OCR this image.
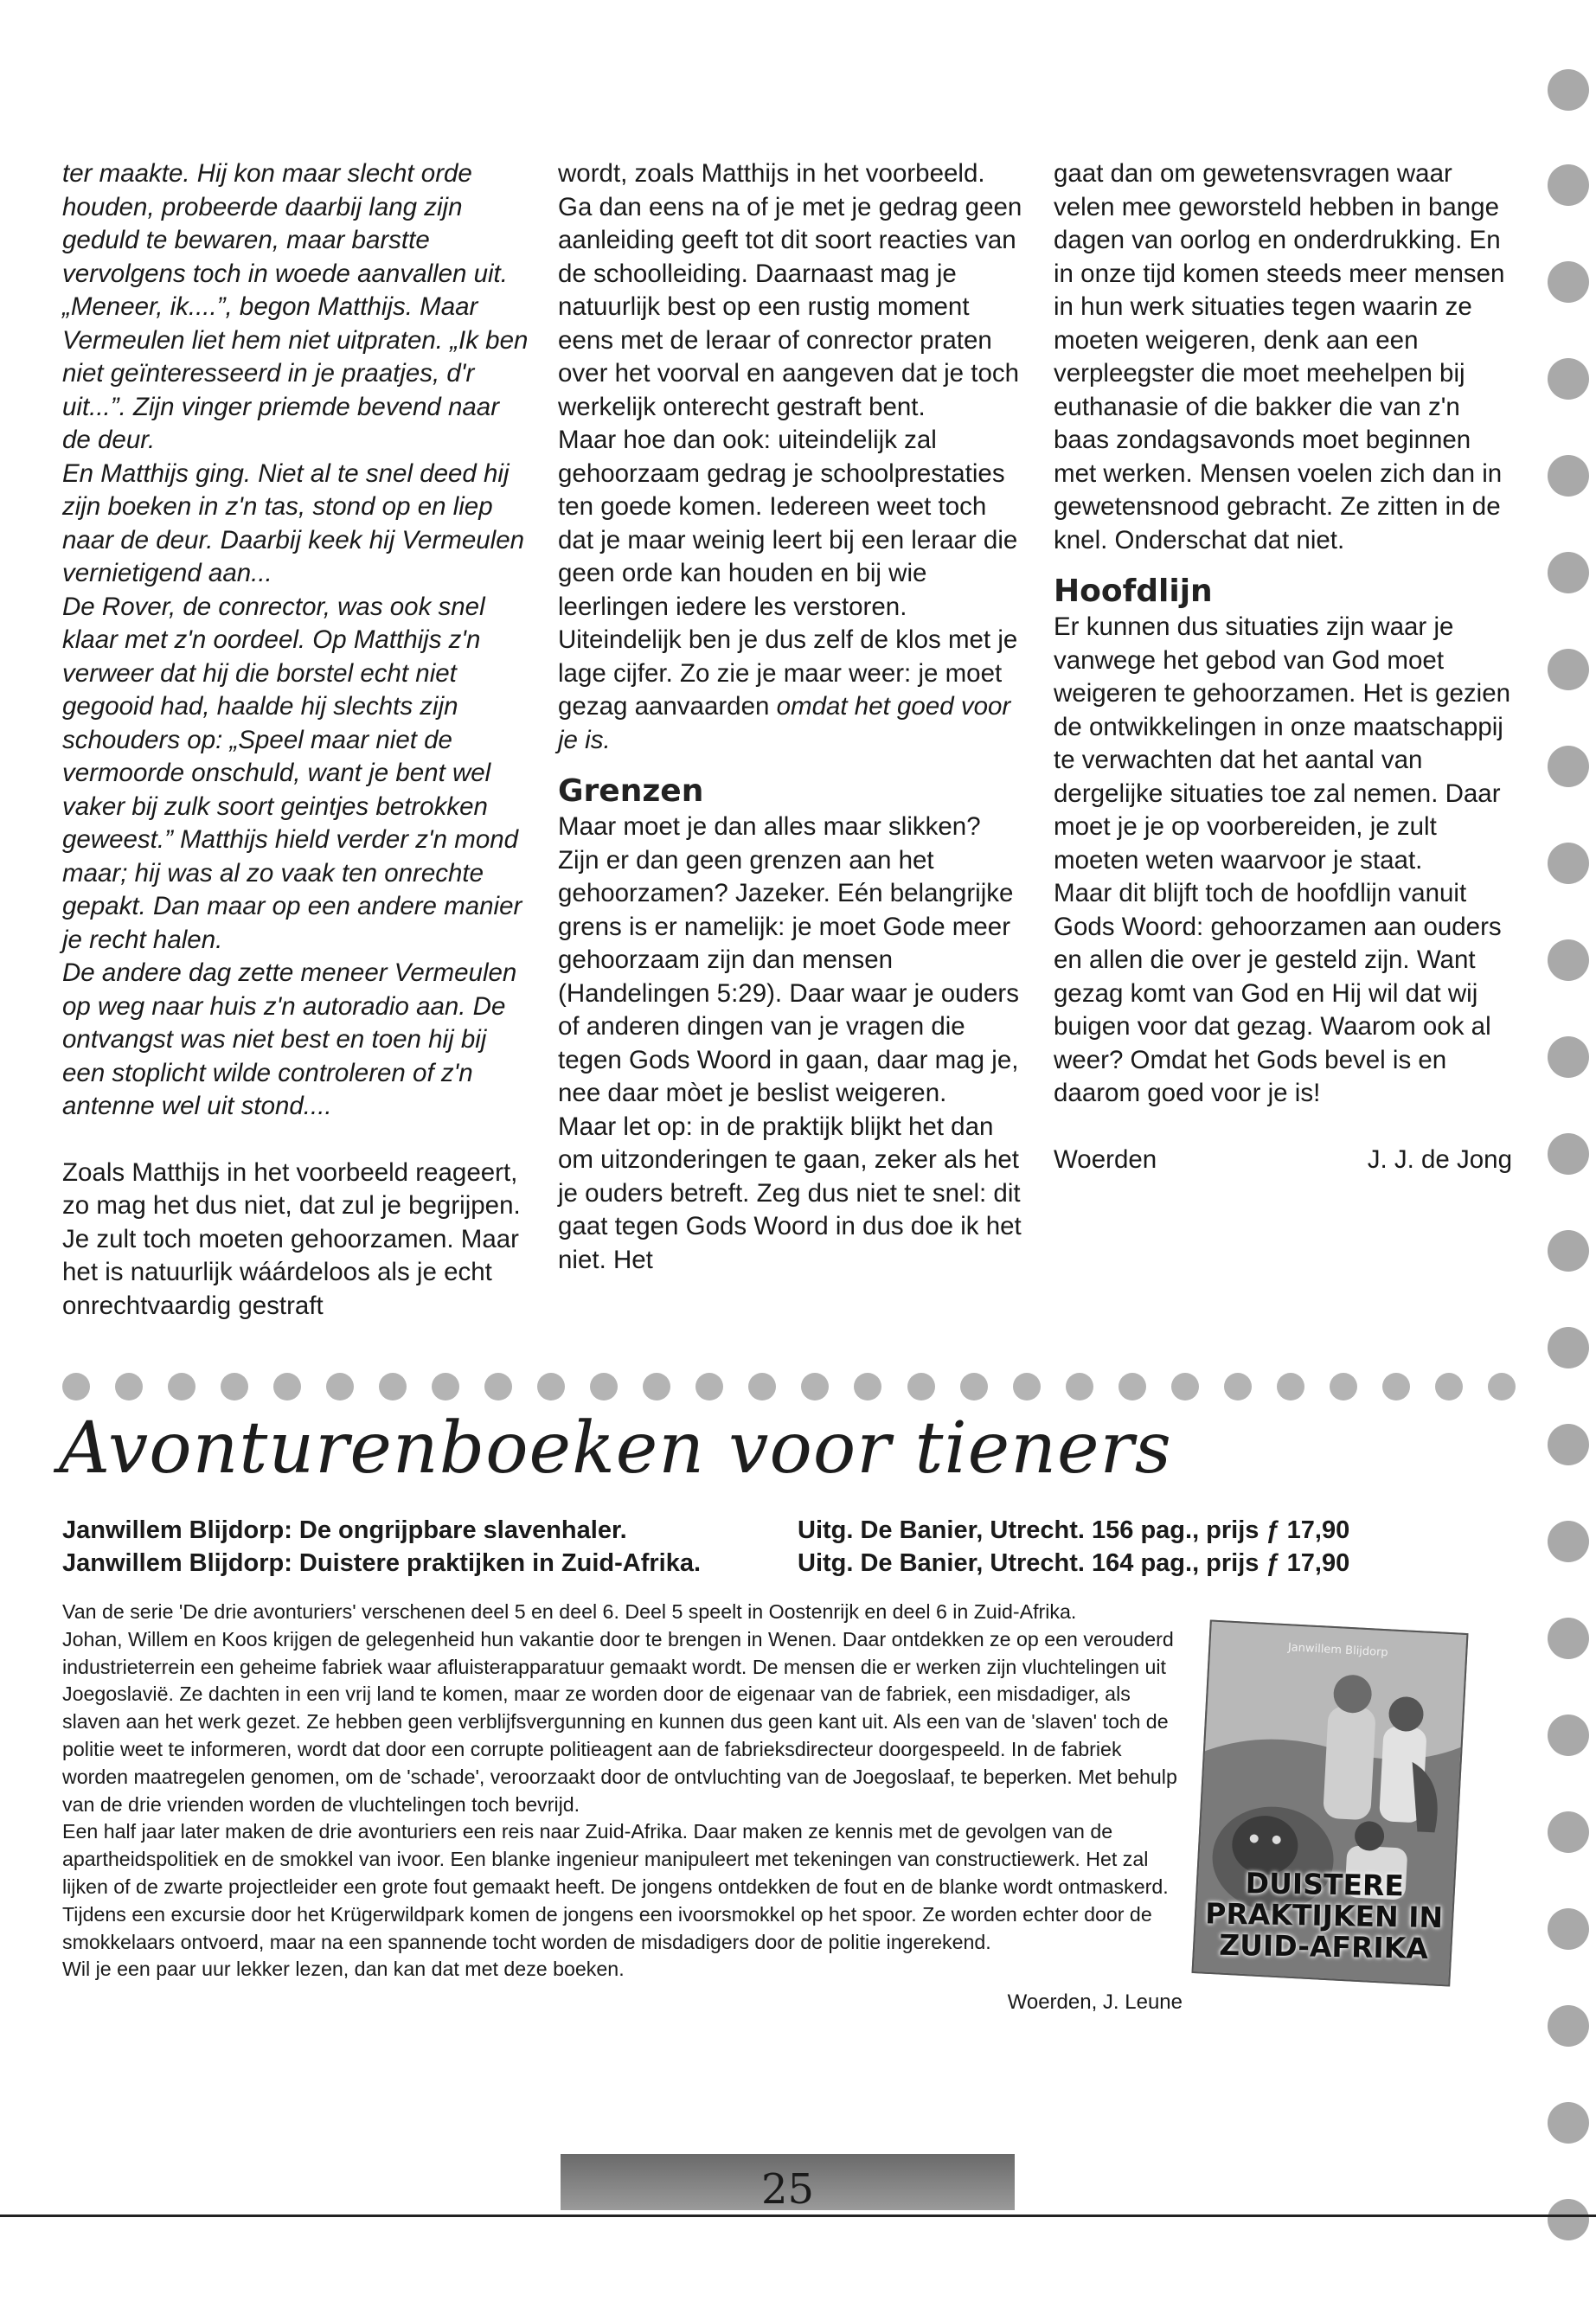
ter maakte. Hij kon maar slecht orde houden, probeerde daarbij lang zijn geduld te bewaren, maar barstte vervolgens toch in woede aanvallen uit. „Meneer, ik....”, begon Matthijs. Maar Vermeulen liet hem niet uitpraten. „Ik ben niet geïnteresseerd in je praatjes, d'r uit...”. Zijn vinger priemde bevend naar de deur.

En Matthijs ging. Niet al te snel deed hij zijn boeken in z'n tas, stond op en liep naar de deur. Daarbij keek hij Vermeulen vernietigend aan...

De Rover, de conrector, was ook snel klaar met z'n oordeel. Op Matthijs z'n verweer dat hij die borstel echt niet gegooid had, haalde hij slechts zijn schouders op: „Speel maar niet de vermoorde onschuld, want je bent wel vaker bij zulk soort geintjes betrokken geweest.” Matthijs hield verder z'n mond maar; hij was al zo vaak ten onrechte gepakt. Dan maar op een andere manier je recht halen.

De andere dag zette meneer Vermeulen op weg naar huis z'n autoradio aan. De ontvangst was niet best en toen hij bij een stoplicht wilde controleren of z'n antenne wel uit stond....

Zoals Matthijs in het voorbeeld reageert, zo mag het dus niet, dat zul je begrijpen.

Je zult toch moeten gehoorzamen. Maar het is natuurlijk wáárdeloos als je echt onrechtvaardig gestraft

wordt, zoals Matthijs in het voorbeeld. Ga dan eens na of je met je gedrag geen aanleiding geeft tot dit soort reacties van de schoolleiding. Daarnaast mag je natuurlijk best op een rustig moment eens met de leraar of conrector praten over het voorval en aangeven dat je toch werkelijk onterecht gestraft bent.

Maar hoe dan ook: uiteindelijk zal gehoorzaam gedrag je schoolprestaties ten goede komen. Iedereen weet toch dat je maar weinig leert bij een leraar die geen orde kan houden en bij wie leerlingen iedere les verstoren. Uiteindelijk ben je dus zelf de klos met je lage cijfer. Zo zie je maar weer: je moet gezag aanvaarden omdat het goed voor je is.

Grenzen

Maar moet je dan alles maar slikken? Zijn er dan geen grenzen aan het gehoorzamen? Jazeker. Eén belangrijke grens is er namelijk: je moet Gode meer gehoorzaam zijn dan mensen (Handelingen 5:29). Daar waar je ouders of anderen dingen van je vragen die tegen Gods Woord in gaan, daar mag je, nee daar mòet je beslist weigeren.

Maar let op: in de praktijk blijkt het dan om uitzonderingen te gaan, zeker als het je ouders betreft. Zeg dus niet te snel: dit gaat tegen Gods Woord in dus doe ik het niet. Het

gaat dan om gewetensvragen waar velen mee geworsteld hebben in bange dagen van oorlog en onderdrukking. En in onze tijd komen steeds meer mensen in hun werk situaties tegen waarin ze moeten weigeren, denk aan een verpleegster die moet meehelpen bij euthanasie of die bakker die van z'n baas zondagsavonds moet beginnen met werken. Mensen voelen zich dan in gewetensnood gebracht. Ze zitten in de knel. Onderschat dat niet.

Hoofdlijn

Er kunnen dus situaties zijn waar je vanwege het gebod van God moet weigeren te gehoorzamen. Het is gezien de ontwikkelingen in onze maatschappij te verwachten dat het aantal van dergelijke situaties toe zal nemen. Daar moet je je op voorbereiden, je zult moeten weten waarvoor je staat.

Maar dit blijft toch de hoofdlijn vanuit Gods Woord: gehoorzamen aan ouders en allen die over je gesteld zijn. Want gezag komt van God en Hij wil dat wij buigen voor dat gezag. Waarom ook al weer? Omdat het Gods bevel is en daarom goed voor je is!

Woerden	J. J. de Jong
Avonturenboeken voor tieners
Janwillem Blijdorp: De ongrijpbare slavenhaler.	Uitg. De Banier, Utrecht. 156 pag., prijs ƒ 17,90
Janwillem Blijdorp: Duistere praktijken in Zuid-Afrika.	Uitg. De Banier, Utrecht. 164 pag., prijs ƒ 17,90

Van de serie 'De drie avonturiers' verschenen deel 5 en deel 6. Deel 5 speelt in Oostenrijk en deel 6 in Zuid-Afrika.

Johan, Willem en Koos krijgen de gelegenheid hun vakantie door te brengen in Wenen. Daar ontdekken ze op een verouderd industrieterrein een geheime fabriek waar afluisterapparatuur gemaakt wordt. De mensen die er werken zijn vluchtelingen uit Joegoslavië. Ze dachten in een vrij land te komen, maar ze worden door de eigenaar van de fabriek, een misdadiger, als slaven aan het werk gezet. Ze hebben geen verblijfsvergunning en kunnen dus geen kant uit. Als een van de 'slaven' toch de politie weet te informeren, wordt dat door een corrupte politieagent aan de fabrieksdirecteur doorgespeeld. In de fabriek worden maatregelen genomen, om de 'schade', veroorzaakt door de ontvluchting van de Joegoslaaf, te beperken. Met behulp van de drie vrienden worden de vluchtelingen toch bevrijd.

Een half jaar later maken de drie avonturiers een reis naar Zuid-Afrika. Daar maken ze kennis met de gevolgen van de apartheidspolitiek en de smokkel van ivoor. Een blanke ingenieur manipuleert met tekeningen van constructiewerk. Het zal lijken of de zwarte projectleider een grote fout gemaakt heeft. De jongens ontdekken de fout en de blanke wordt ontmaskerd. Tijdens een excursie door het Krügerwildpark komen de jongens een ivoorsmokkel op het spoor. Ze worden echter door de smokkelaars ontvoerd, maar na een spannende tocht worden de misdadigers door de politie ingerekend.

Wil je een paar uur lekker lezen, dan kan dat met deze boeken.

Woerden, J. Leune
Janwillem Blijdorp
DUISTERE PRAKTIJKEN IN ZUID-AFRIKA
25
